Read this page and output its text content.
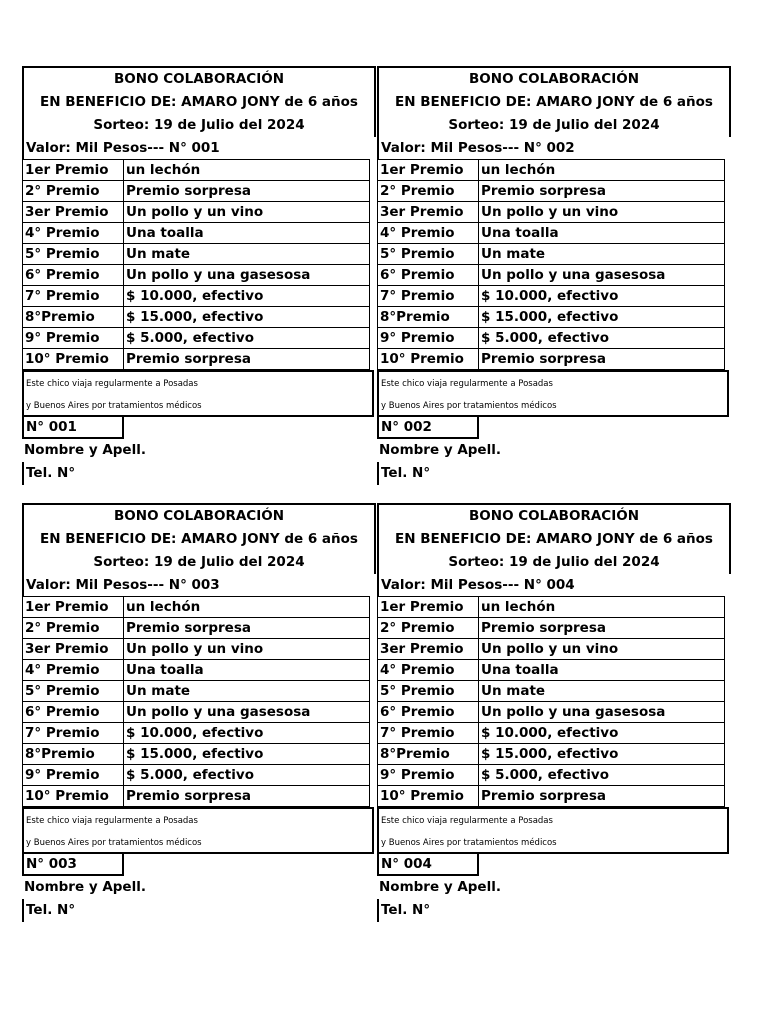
BONO COLABORACIÓN
EN BENEFICIO DE: AMARO JONY de 6 años
Sorteo: 19 de Julio del 2024
Valor: Mil Pesos--- N° 001
1er Premio	un lechón
2° Premio	Premio sorpresa
3er Premio	Un pollo y un vino
4° Premio	Una toalla
5° Premio	Un mate
6° Premio	Un pollo y una gasesosa
7° Premio	$ 10.000, efectivo
8°Premio	$ 15.000, efectivo
9° Premio	$ 5.000, efectivo
10° Premio	Premio sorpresa
Este chico viaja regularmente a Posadas
y Buenos Aires por tratamientos médicos
N° 001
Nombre y Apell.
Tel. N°
BONO COLABORACIÓN
EN BENEFICIO DE: AMARO JONY de 6 años
Sorteo: 19 de Julio del 2024
Valor: Mil Pesos--- N° 002
1er Premio	un lechón
2° Premio	Premio sorpresa
3er Premio	Un pollo y un vino
4° Premio	Una toalla
5° Premio	Un mate
6° Premio	Un pollo y una gasesosa
7° Premio	$ 10.000, efectivo
8°Premio	$ 15.000, efectivo
9° Premio	$ 5.000, efectivo
10° Premio	Premio sorpresa
Este chico viaja regularmente a Posadas
y Buenos Aires por tratamientos médicos
N° 002
Nombre y Apell.
Tel. N°
BONO COLABORACIÓN
EN BENEFICIO DE: AMARO JONY de 6 años
Sorteo: 19 de Julio del 2024
Valor: Mil Pesos--- N° 003
1er Premio	un lechón
2° Premio	Premio sorpresa
3er Premio	Un pollo y un vino
4° Premio	Una toalla
5° Premio	Un mate
6° Premio	Un pollo y una gasesosa
7° Premio	$ 10.000, efectivo
8°Premio	$ 15.000, efectivo
9° Premio	$ 5.000, efectivo
10° Premio	Premio sorpresa
Este chico viaja regularmente a Posadas
y Buenos Aires por tratamientos médicos
N° 003
Nombre y Apell.
Tel. N°
BONO COLABORACIÓN
EN BENEFICIO DE: AMARO JONY de 6 años
Sorteo: 19 de Julio del 2024
Valor: Mil Pesos--- N° 004
1er Premio	un lechón
2° Premio	Premio sorpresa
3er Premio	Un pollo y un vino
4° Premio	Una toalla
5° Premio	Un mate
6° Premio	Un pollo y una gasesosa
7° Premio	$ 10.000, efectivo
8°Premio	$ 15.000, efectivo
9° Premio	$ 5.000, efectivo
10° Premio	Premio sorpresa
Este chico viaja regularmente a Posadas
y Buenos Aires por tratamientos médicos
N° 004
Nombre y Apell.
Tel. N°
